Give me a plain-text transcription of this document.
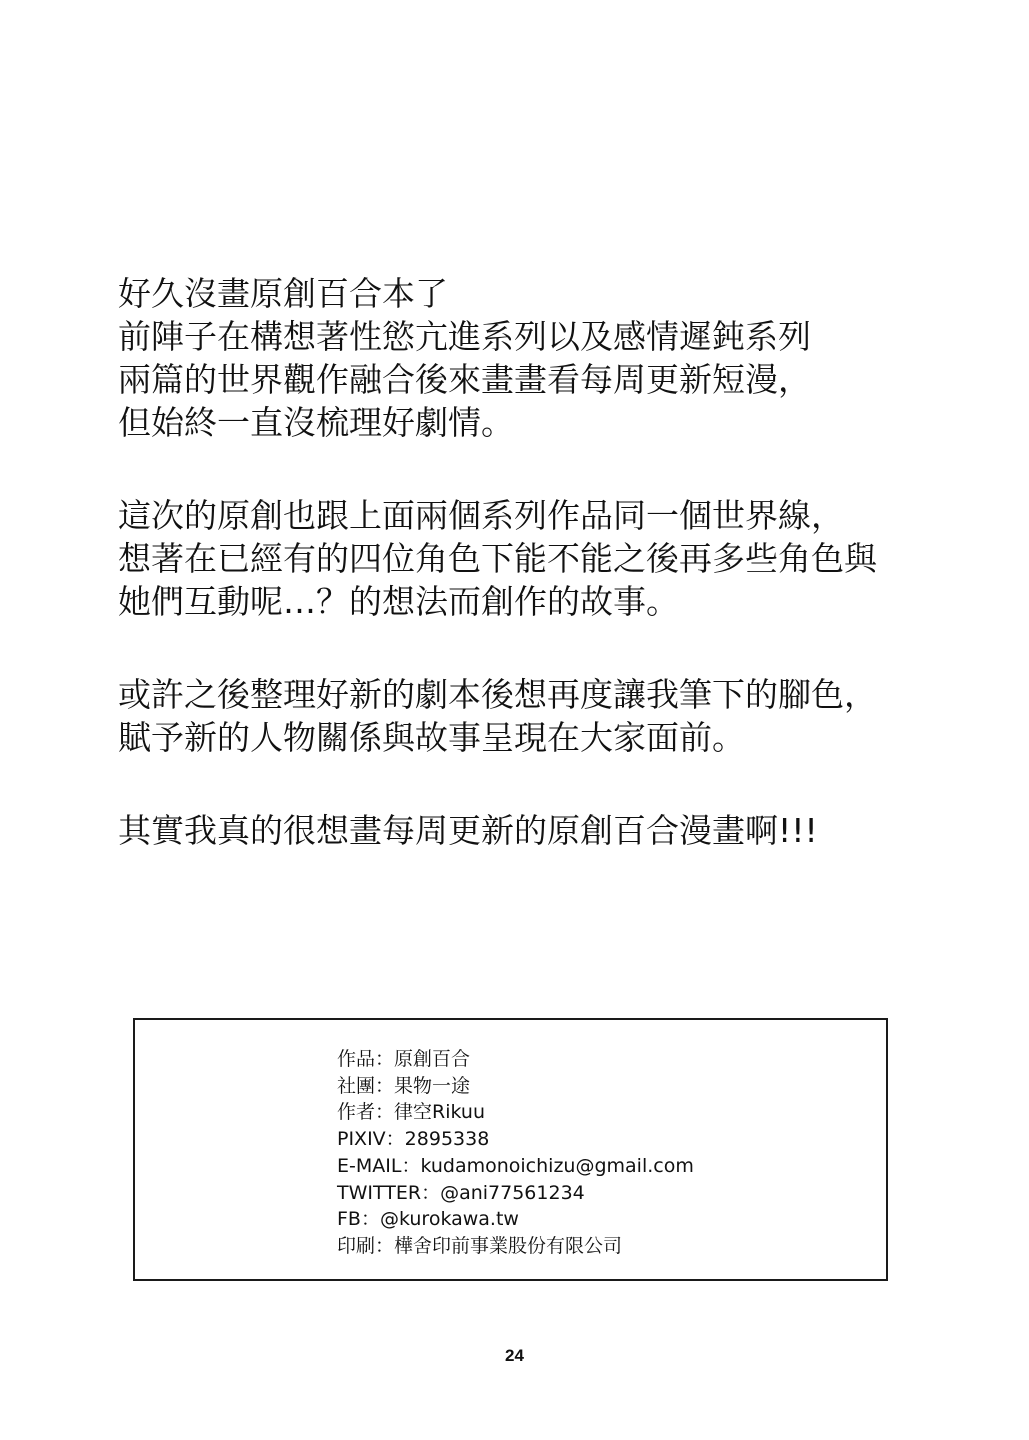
好久沒畫原創百合本了
前陣子在構想著性慾亢進系列以及感情遲鈍系列
兩篇的世界觀作融合後來畫畫看每周更新短漫，
但始終一直沒梳理好劇情。
這次的原創也跟上面兩個系列作品同一個世界線，
想著在已經有的四位角色下能不能之後再多些角色與
她們互動呢…？的想法而創作的故事。
或許之後整理好新的劇本後想再度讓我筆下的腳色，
賦予新的人物關係與故事呈現在大家面前。
其實我真的很想畫每周更新的原創百合漫畫啊!!!
作品：原創百合
社團：果物一途
作者：律空Rikuu
PIXIV：2895338
E-MAIL：kudamonoichizu@gmail.com
TWITTER：@ani77561234
FB：@kurokawa.tw
印刷：樺舍印前事業股份有限公司
24
